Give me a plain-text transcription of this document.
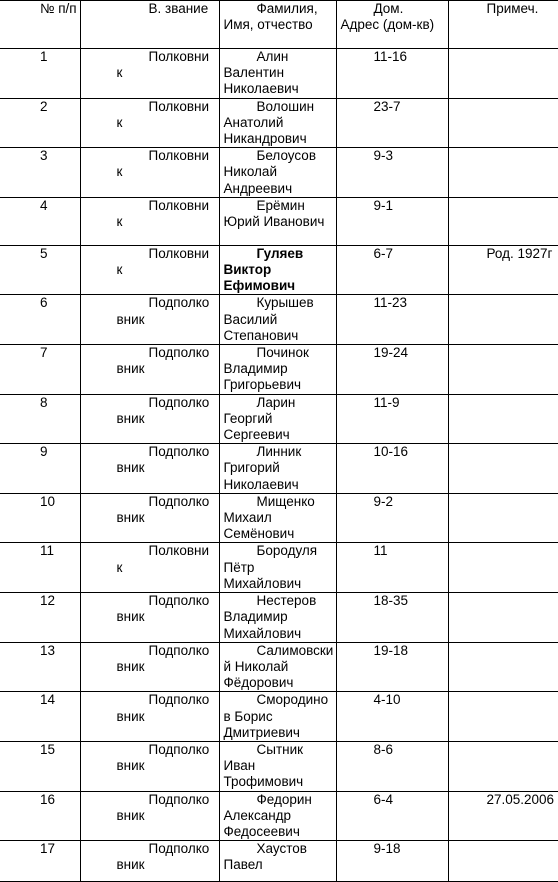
№ п/п	В. звание	Фамилия, Имя, отчество	Дом. Адрес (дом-кв)	Примеч.
1	Полковник	Алин Валентин Николаевич	11-16	
2	Полковник	Волошин Анатолий Никандрович	23-7	
3	Полковник	Белоусов Николай Андреевич	9-3	
4	Полковник	Ерёмин Юрий Иванович	9-1	
5	Полковник	Гуляев Виктор Ефимович	6-7	Род. 1927г
6	Подполковник	Курышев Василий Степанович	11-23	
7	Подполковник	Починок Владимир Григорьевич	19-24	
8	Подполковник	Ларин Георгий Сергеевич	11-9	
9	Подполковник	Линник Григорий Николаевич	10-16	
10	Подполковник	Мищенко Михаил Семёнович	9-2	
11	Полковник	Бородуля Пётр Михайлович	11	
12	Подполковник	Нестеров Владимир Михайлович	18-35	
13	Подполковник	Салимовский Николай Фёдорович	19-18	
14	Подполковник	Смородинов Борис Дмитриевич	4-10	
15	Подполковник	Сытник Иван Трофимович	8-6	
16	Подполковник	Федорин Александр Федосеевич	6-4	27.05.2006
17	Подполковник	Хаустов Павел	9-18	
